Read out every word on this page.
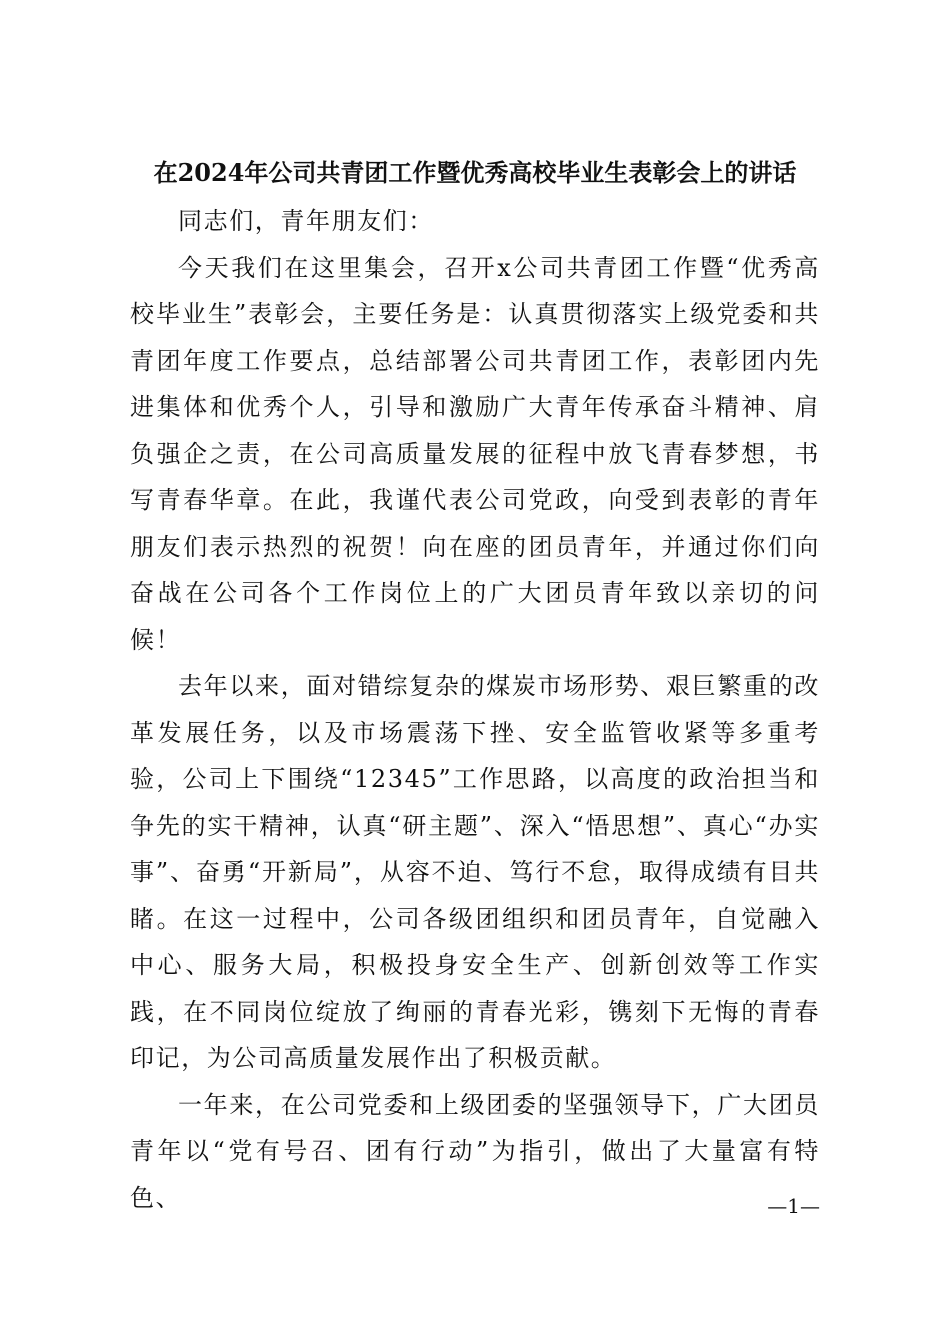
在2024年公司共青团工作暨优秀高校毕业生表彰会上的讲话

同志们，青年朋友们：

今天我们在这里集会，召开x公司共青团工作暨“优秀高校毕业生”表彰会，主要任务是：认真贯彻落实上级党委和共青团年度工作要点，总结部署公司共青团工作，表彰团内先进集体和优秀个人，引导和激励广大青年传承奋斗精神、肩负强企之责，在公司高质量发展的征程中放飞青春梦想，书写青春华章。在此，我谨代表公司党政，向受到表彰的青年朋友们表示热烈的祝贺！向在座的团员青年，并通过你们向奋战在公司各个工作岗位上的广大团员青年致以亲切的问候！

去年以来，面对错综复杂的煤炭市场形势、艰巨繁重的改革发展任务，以及市场震荡下挫、安全监管收紧等多重考验，公司上下围绕“12345”工作思路，以高度的政治担当和争先的实干精神，认真“研主题”、深入“悟思想”、真心“办实事”、奋勇“开新局”，从容不迫、笃行不怠，取得成绩有目共睹。在这一过程中，公司各级团组织和团员青年，自觉融入中心、服务大局，积极投身安全生产、创新创效等工作实践，在不同岗位绽放了绚丽的青春光彩，镌刻下无悔的青春印记，为公司高质量发展作出了积极贡献。

一年来，在公司党委和上级团委的坚强领导下，广大团员青年以“党有号召、团有行动”为指引，做出了大量富有特色、	—1—
